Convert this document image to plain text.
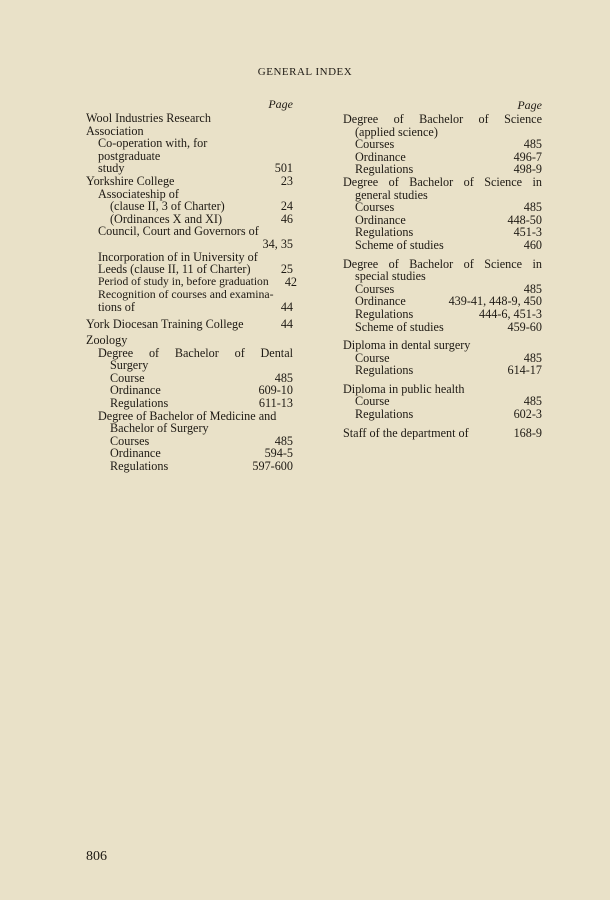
GENERAL INDEX
Page
Wool Industries Research Association
Co-operation with, for postgraduate
study	501
Yorkshire College	23
Associateship of
(clause II, 3 of Charter)	24
(Ordinances X and XI)	46
Council, Court and Governors of

34, 35
Incorporation of in University of
Leeds (clause II, 11 of Charter)	25
Period of study in, before graduation	42
Recognition of courses and examina-
tions of	44
York Diocesan Training College	44
Zoology
Degree of Bachelor of Dental
Surgery
Course	485
Ordinance	609-10
Regulations	611-13
Degree of Bachelor of Medicine and
Bachelor of Surgery
Courses	485
Ordinance	594-5
Regulations	597-600
Page
Degree of Bachelor of Science
(applied science)
Courses	485
Ordinance	496-7
Regulations	498-9
Degree of Bachelor of Science in
general studies
Courses	485
Ordinance	448-50
Regulations	451-3
Scheme of studies	460
Degree of Bachelor of Science in
special studies
Courses	485
Ordinance	439-41, 448-9, 450
Regulations	444-6, 451-3
Scheme of studies	459-60
Diploma in dental surgery
Course	485
Regulations	614-17
Diploma in public health
Course	485
Regulations	602-3
Staff of the department of	168-9
806
